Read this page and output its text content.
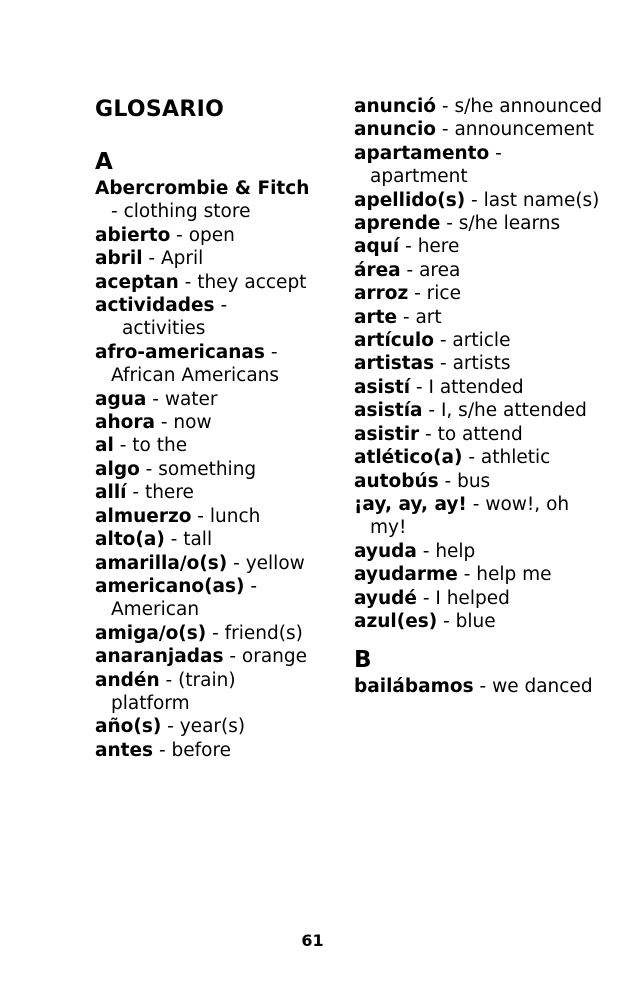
GLOSARIO
A

Abercrombie & Fitch - clothing store

abierto - open

abril - April

aceptan - they accept

actividades - activities

afro-americanas - African Americans

agua - water

ahora - now

al - to the

algo - something

allí - there

almuerzo - lunch

alto(a) - tall

amarilla/o(s) - yellow

americano(as) - American

amiga/o(s) - friend(s)

anaranjadas - orange

andén - (train) platform

año(s) - year(s)

antes - before

anunció - s/he announced

anuncio - announcement

apartamento - apartment

apellido(s) - last name(s)

aprende - s/he learns

aquí - here

área - area

arroz - rice

arte - art

artículo - article

artistas - artists

asistí - I attended

asistía - I, s/he attended

asistir - to attend

atlético(a) - athletic

autobús - bus

¡ay, ay, ay! - wow!, oh my!

ayuda - help

ayudarme - help me

ayudé - I helped

azul(es) - blue

B

bailábamos - we danced

61
